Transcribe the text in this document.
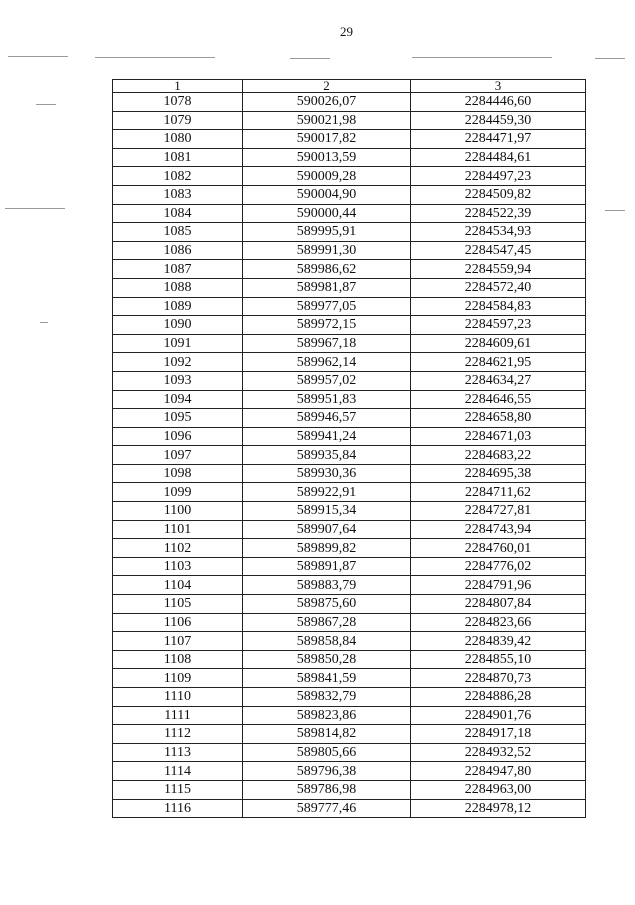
29
1	2	3
1078	590026,07	2284446,60
1079	590021,98	2284459,30
1080	590017,82	2284471,97
1081	590013,59	2284484,61
1082	590009,28	2284497,23
1083	590004,90	2284509,82
1084	590000,44	2284522,39
1085	589995,91	2284534,93
1086	589991,30	2284547,45
1087	589986,62	2284559,94
1088	589981,87	2284572,40
1089	589977,05	2284584,83
1090	589972,15	2284597,23
1091	589967,18	2284609,61
1092	589962,14	2284621,95
1093	589957,02	2284634,27
1094	589951,83	2284646,55
1095	589946,57	2284658,80
1096	589941,24	2284671,03
1097	589935,84	2284683,22
1098	589930,36	2284695,38
1099	589922,91	2284711,62
1100	589915,34	2284727,81
1101	589907,64	2284743,94
1102	589899,82	2284760,01
1103	589891,87	2284776,02
1104	589883,79	2284791,96
1105	589875,60	2284807,84
1106	589867,28	2284823,66
1107	589858,84	2284839,42
1108	589850,28	2284855,10
1109	589841,59	2284870,73
1110	589832,79	2284886,28
1111	589823,86	2284901,76
1112	589814,82	2284917,18
1113	589805,66	2284932,52
1114	589796,38	2284947,80
1115	589786,98	2284963,00
1116	589777,46	2284978,12
